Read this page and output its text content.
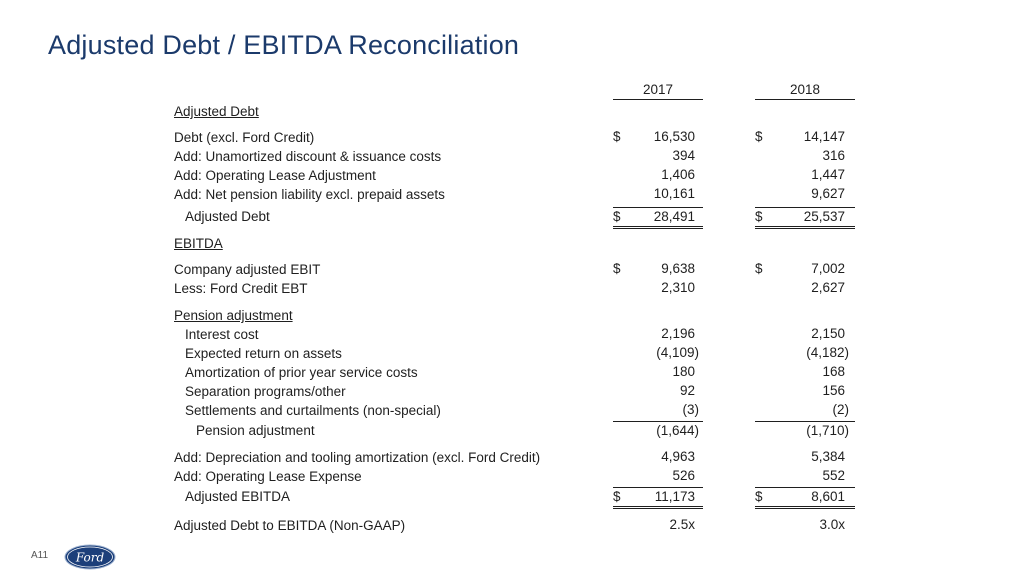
Adjusted Debt / EBITDA Reconciliation
2017	2018
Adjusted Debt
Debt (excl. Ford Credit)	$ 16,530	$	14,147
Add: Unamortized discount & issuance costs	394	316
Add: Operating Lease Adjustment	1,406	1,447
Add: Net pension liability excl. prepaid assets	10,161	9,627
Adjusted Debt	$ 28,491	$	25,537
EBITDA
Company adjusted EBIT	$	9,638	$	7,002
Less: Ford Credit EBT	2,310	2,627
Pension adjustment
Interest cost	2,196	2,150
Expected return on assets	(4,109)	(4,182)
Amortization of prior year service costs	180	168
Separation programs/other	92	156
Settlements and curtailments (non-special)	(3)	(2)
Pension adjustment	(1,644)	(1,710)
Add: Depreciation and tooling amortization (excl. Ford Credit)	4,963	5,384
Add: Operating Lease Expense	526	552
Adjusted EBITDA	$	11,173	$	8,601
Adjusted Debt to EBITDA (Non-GAAP)	2.5x	3.0x
A11 Ford
